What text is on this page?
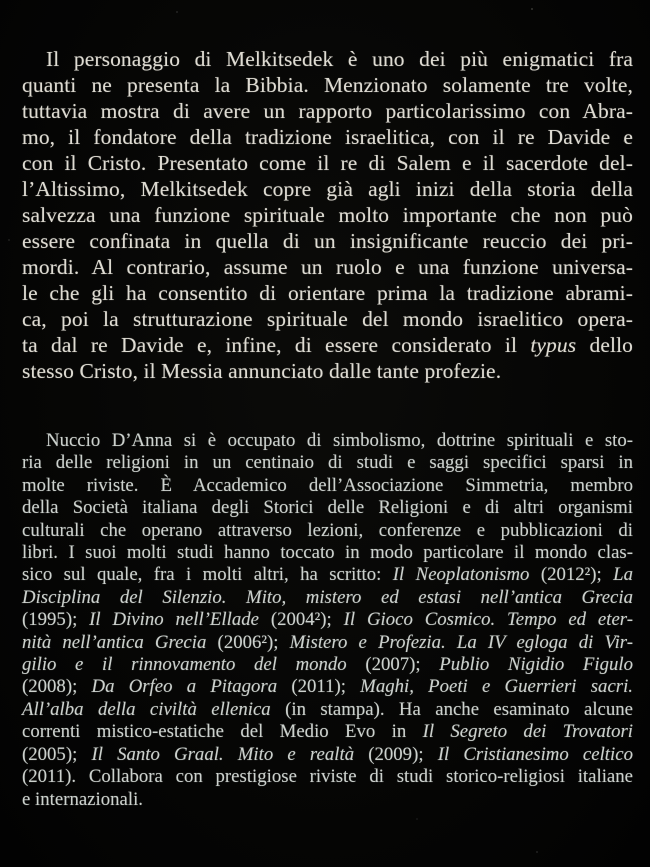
Il personaggio di Melkitsedek è uno dei più enigmatici fra
quanti ne presenta la Bibbia. Menzionato solamente tre volte,
tuttavia mostra di avere un rapporto particolarissimo con Abra-
mo, il fondatore della tradizione israelitica, con il re Davide e
con il Cristo. Presentato come il re di Salem e il sacerdote del-
l’Altissimo, Melkitsedek copre già agli inizi della storia della
salvezza una funzione spirituale molto importante che non può
essere confinata in quella di un insignificante reuccio dei pri-
mordi. Al contrario, assume un ruolo e una funzione universa-
le che gli ha consentito di orientare prima la tradizione abrami-
ca, poi la strutturazione spirituale del mondo israelitico opera-
ta dal re Davide e, infine, di essere considerato il typus dello
stesso Cristo, il Messia annunciato dalle tante profezie.
Nuccio D’Anna si è occupato di simbolismo, dottrine spirituali e sto-
ria delle religioni in un centinaio di studi e saggi specifici sparsi in
molte riviste. È Accademico dell’Associazione Simmetria, membro
della Società italiana degli Storici delle Religioni e di altri organismi
culturali che operano attraverso lezioni, conferenze e pubblicazioni di
libri. I suoi molti studi hanno toccato in modo particolare il mondo clas-
sico sul quale, fra i molti altri, ha scritto: Il Neoplatonismo (2012²); La
Disciplina del Silenzio. Mito, mistero ed estasi nell’antica Grecia
(1995); Il Divino nell’Ellade (2004²); Il Gioco Cosmico. Tempo ed eter-
nità nell’antica Grecia (2006²); Mistero e Profezia. La IV egloga di Vir-
gilio e il rinnovamento del mondo (2007); Publio Nigidio Figulo
(2008); Da Orfeo a Pitagora (2011); Maghi, Poeti e Guerrieri sacri.
All’alba della civiltà ellenica (in stampa). Ha anche esaminato alcune
correnti mistico-estatiche del Medio Evo in Il Segreto dei Trovatori
(2005); Il Santo Graal. Mito e realtà (2009); Il Cristianesimo celtico
(2011). Collabora con prestigiose riviste di studi storico-religiosi italiane
e internazionali.
